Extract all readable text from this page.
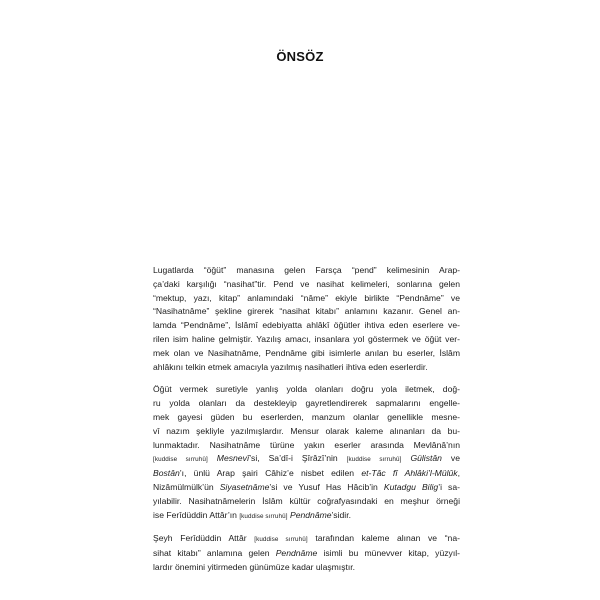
ÖNSÖZ

Lugatlarda “öğüt” manasına gelen Farsça “pend” kelimesinin Arap-
ça’daki karşılığı “nasihat”tir. Pend ve nasihat kelimeleri, sonlarına gelen
“mektup, yazı, kitap” anlamındaki “nâme” ekiyle birlikte “Pendnâme” ve
“Nasihatnâme” şekline girerek “nasihat kitabı” anlamını kazanır. Genel an-
lamda “Pendnâme”, İslâmî edebiyatta ahlâkî öğütler ihtiva eden eserlere ve-
rilen isim haline gelmiştir. Yazılış amacı, insanlara yol göstermek ve öğüt ver-
mek olan ve Nasihatnâme, Pendnâme gibi isimlerle anılan bu eserler, İslâm
ahlâkını telkin etmek amacıyla yazılmış nasihatleri ihtiva eden eserlerdir.

Öğüt vermek suretiyle yanlış yolda olanları doğru yola iletmek, doğ-
ru yolda olanları da destekleyip gayretlendirerek sapmalarını engelle-
mek gayesi güden bu eserlerden, manzum olanlar genellikle mesne-
vî nazım şekliyle yazılmışlardır. Mensur olarak kaleme alınanları da bu-
lunmaktadır. Nasihatnâme türüne yakın eserler arasında Mevlânâ’nın
[kuddise sırruhû] Mesnevî’si, Sa’dî-i Şîrâzî’nin [kuddise sırruhû] Gülistân ve
Bostân’ı, ünlü Arap şairi Câhiz’e nisbet edilen et-Tâc fî Ahlâki’l-Mülûk,
Nizâmülmülk’ün Siyasetnâme’si ve Yusuf Has Hâcib’in Kutadgu Bilig’i sa-
yılabilir. Nasihatnâmelerin İslâm kültür coğrafyasındaki en meşhur örneği
ise Ferîdüddin Attâr’ın [kuddise sırruhû] Pendnâme’sidir.

Şeyh Ferîdüddin Attâr [kuddise sırruhû] tarafından kaleme alınan ve “na-
sihat kitabı” anlamına gelen Pendnâme isimli bu münevver kitap, yüzyıl-
lardır önemini yitirmeden günümüze kadar ulaşmıştır.
